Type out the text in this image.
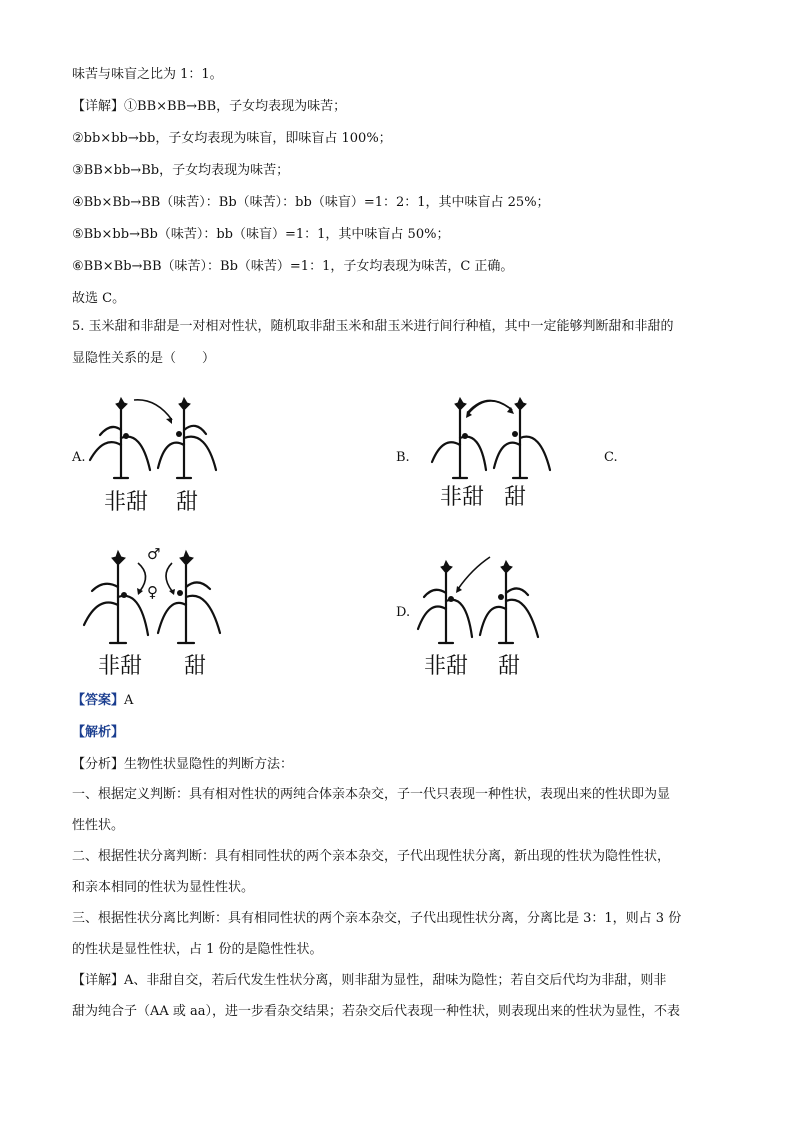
味苦与味盲之比为 1：1。
【详解】①BB×BB→BB，子女均表现为味苦；
②bb×bb→bb，子女均表现为味盲，即味盲占 100%；
③BB×bb→Bb，子女均表现为味苦；
④Bb×Bb→BB（味苦）：Bb（味苦）：bb（味盲）=1：2：1，其中味盲占 25%；
⑤Bb×bb→Bb（味苦）：bb（味盲）=1：1，其中味盲占 50%；
⑥BB×Bb→BB（味苦）：Bb（味苦）=1：1，子女均表现为味苦，C 正确。
故选 C。
5. 玉米甜和非甜是一对相对性状，随机取非甜玉米和甜玉米进行间行种植，其中一定能够判断甜和非甜的
显隐性关系的是（　　）
A.	B.	C.
D.
非甜 甜	非甜 甜
♂
♀
非甜 甜	非甜 甜
【答案】A
【解析】
【分析】生物性状显隐性的判断方法：
一、根据定义判断：具有相对性状的两纯合体亲本杂交，子一代只表现一种性状，表现出来的性状即为显
性性状。
二、根据性状分离判断：具有相同性状的两个亲本杂交，子代出现性状分离，新出现的性状为隐性性状，
和亲本相同的性状为显性性状。
三、根据性状分离比判断：具有相同性状的两个亲本杂交，子代出现性状分离，分离比是 3：1，则占 3 份
的性状是显性性状，占 1 份的是隐性性状。
【详解】A、非甜自交，若后代发生性状分离，则非甜为显性，甜味为隐性；若自交后代均为非甜，则非
甜为纯合子（AA 或 aa），进一步看杂交结果；若杂交后代表现一种性状，则表现出来的性状为显性，不表
